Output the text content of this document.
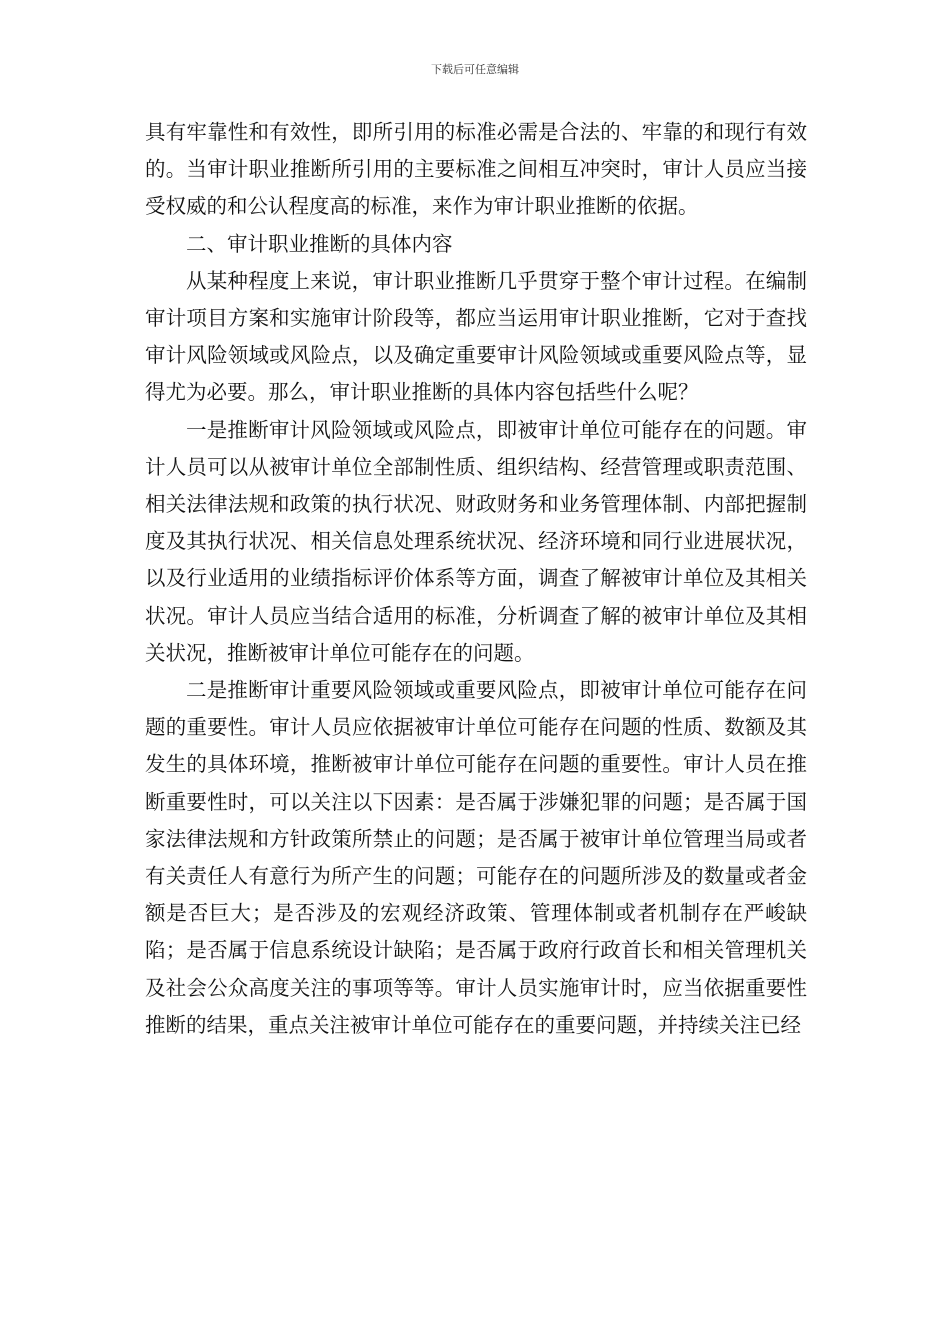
下载后可任意编辑

具有牢靠性和有效性，即所引用的标准必需是合法的、牢靠的和现行有效的。当审计职业推断所引用的主要标准之间相互冲突时，审计人员应当接受权威的和公认程度高的标准，来作为审计职业推断的依据。

二、审计职业推断的具体内容

从某种程度上来说，审计职业推断几乎贯穿于整个审计过程。在编制审计项目方案和实施审计阶段等，都应当运用审计职业推断，它对于查找审计风险领域或风险点，以及确定重要审计风险领域或重要风险点等，显得尤为必要。那么，审计职业推断的具体内容包括些什么呢？

一是推断审计风险领域或风险点，即被审计单位可能存在的问题。审计人员可以从被审计单位全部制性质、组织结构、经营管理或职责范围、相关法律法规和政策的执行状况、财政财务和业务管理体制、内部把握制度及其执行状况、相关信息处理系统状况、经济环境和同行业进展状况，以及行业适用的业绩指标评价体系等方面，调查了解被审计单位及其相关状况。审计人员应当结合适用的标准，分析调查了解的被审计单位及其相关状况，推断被审计单位可能存在的问题。

二是推断审计重要风险领域或重要风险点，即被审计单位可能存在问题的重要性。审计人员应依据被审计单位可能存在问题的性质、数额及其发生的具体环境，推断被审计单位可能存在问题的重要性。审计人员在推断重要性时，可以关注以下因素：是否属于涉嫌犯罪的问题；是否属于国家法律法规和方针政策所禁止的问题；是否属于被审计单位管理当局或者有关责任人有意行为所产生的问题；可能存在的问题所涉及的数量或者金额是否巨大；是否涉及的宏观经济政策、管理体制或者机制存在严峻缺陷；是否属于信息系统设计缺陷；是否属于政府行政首长和相关管理机关及社会公众高度关注的事项等等。审计人员实施审计时，应当依据重要性推断的结果，重点关注被审计单位可能存在的重要问题，并持续关注已经
